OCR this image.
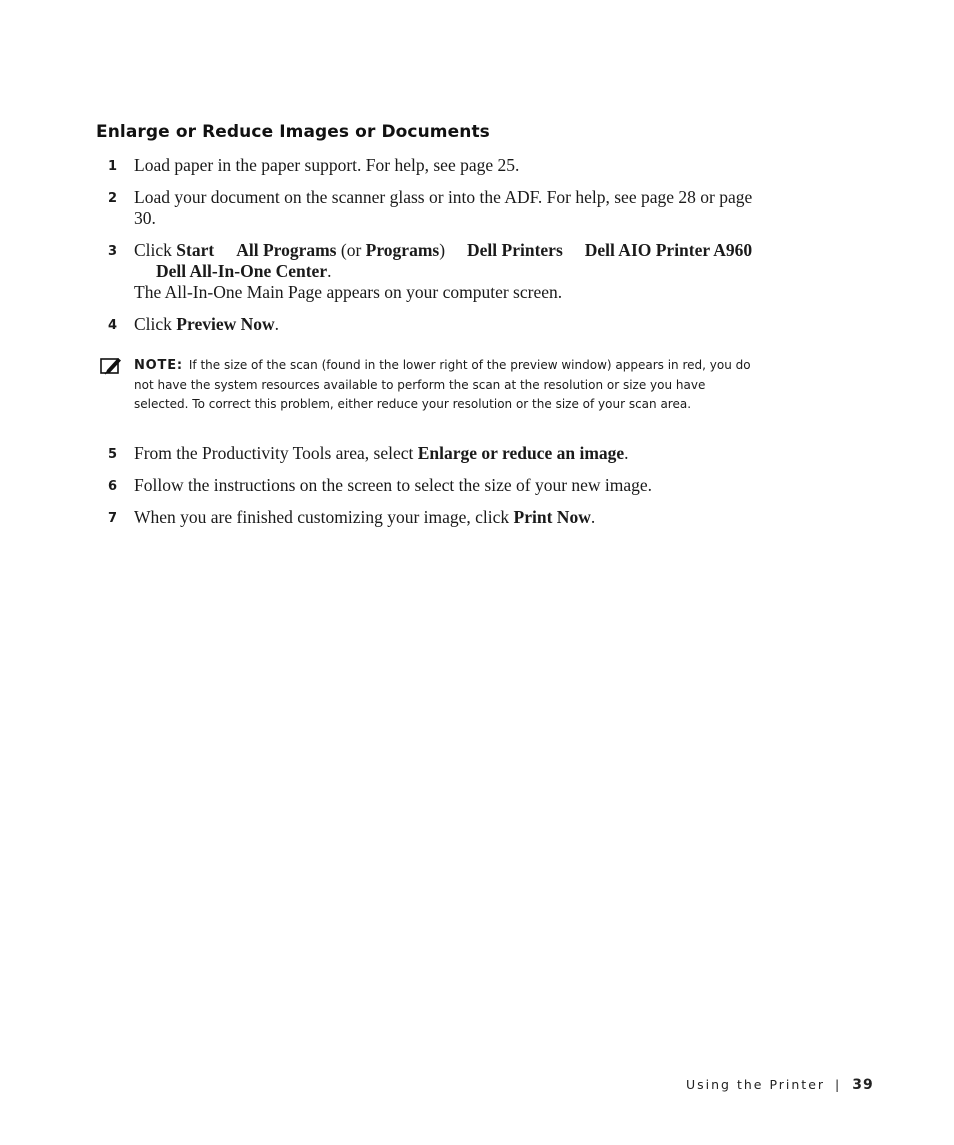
Enlarge or Reduce Images or Documents
1 Load paper in the paper support. For help, see page 25.
2 Load your document on the scanner glass or into the ADF. For help, see page 28 or page 30.
3 Click Start All Programs (or Programs) Dell Printers Dell AIO Printer A960Dell All-In-One Center.
The All-In-One Main Page appears on your computer screen.
4 Click Preview Now.
NOTE: If the size of the scan (found in the lower right of the preview window) appears in red, you do not have the system resources available to perform the scan at the resolution or size you have selected. To correct this problem, either reduce your resolution or the size of your scan area.
5 From the Productivity Tools area, select Enlarge or reduce an image.
6 Follow the instructions on the screen to select the size of your new image.
7 When you are finished customizing your image, click Print Now.
Using the Printer | 39
